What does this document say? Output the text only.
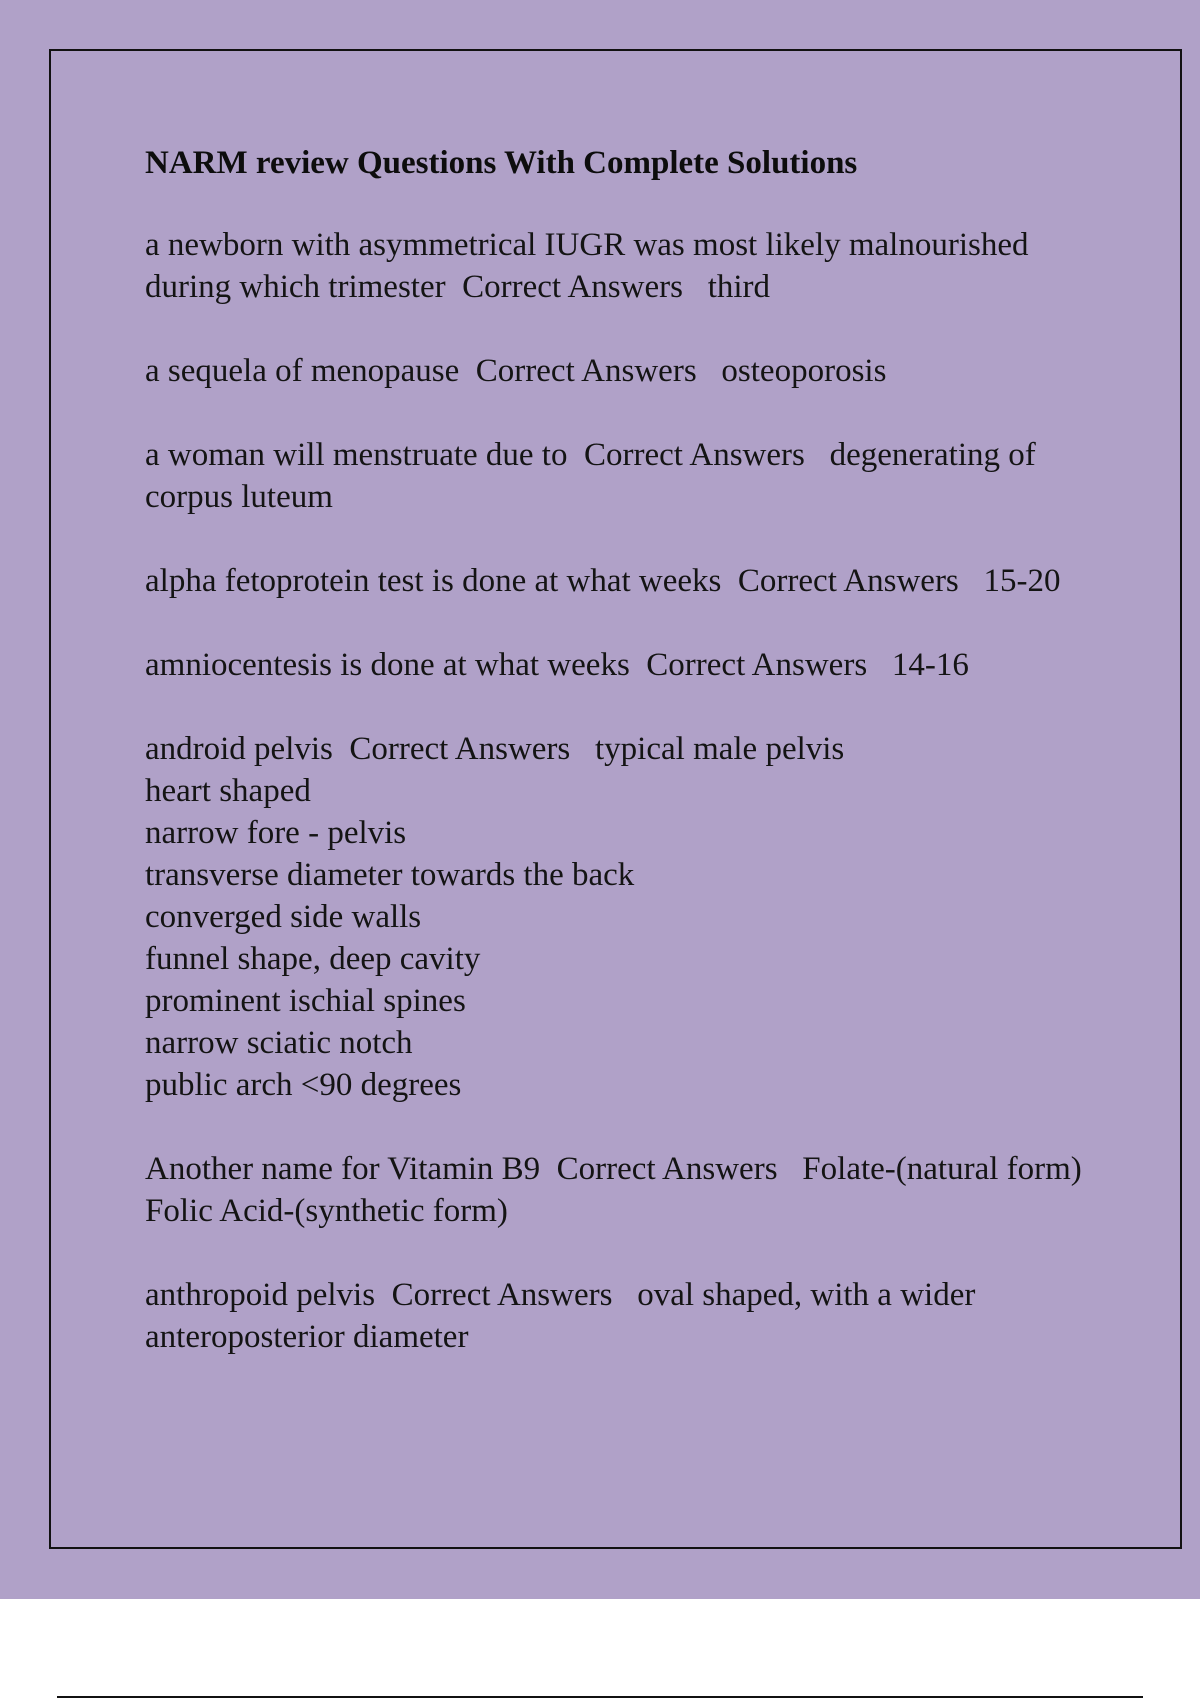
NARM review Questions With Complete Solutions
a newborn with asymmetrical IUGR was most likely malnourished during which trimester  Correct Answers   third
a sequela of menopause  Correct Answers   osteoporosis
a woman will menstruate due to  Correct Answers   degenerating of corpus luteum
alpha fetoprotein test is done at what weeks  Correct Answers   15-20
amniocentesis is done at what weeks  Correct Answers   14-16
android pelvis  Correct Answers   typical male pelvis
heart shaped
narrow fore - pelvis
transverse diameter towards the back
converged side walls
funnel shape, deep cavity
prominent ischial spines
narrow sciatic notch
public arch <90 degrees
Another name for Vitamin B9  Correct Answers   Folate-(natural form)
Folic Acid-(synthetic form)
anthropoid pelvis  Correct Answers   oval shaped, with a wider anteroposterior diameter
